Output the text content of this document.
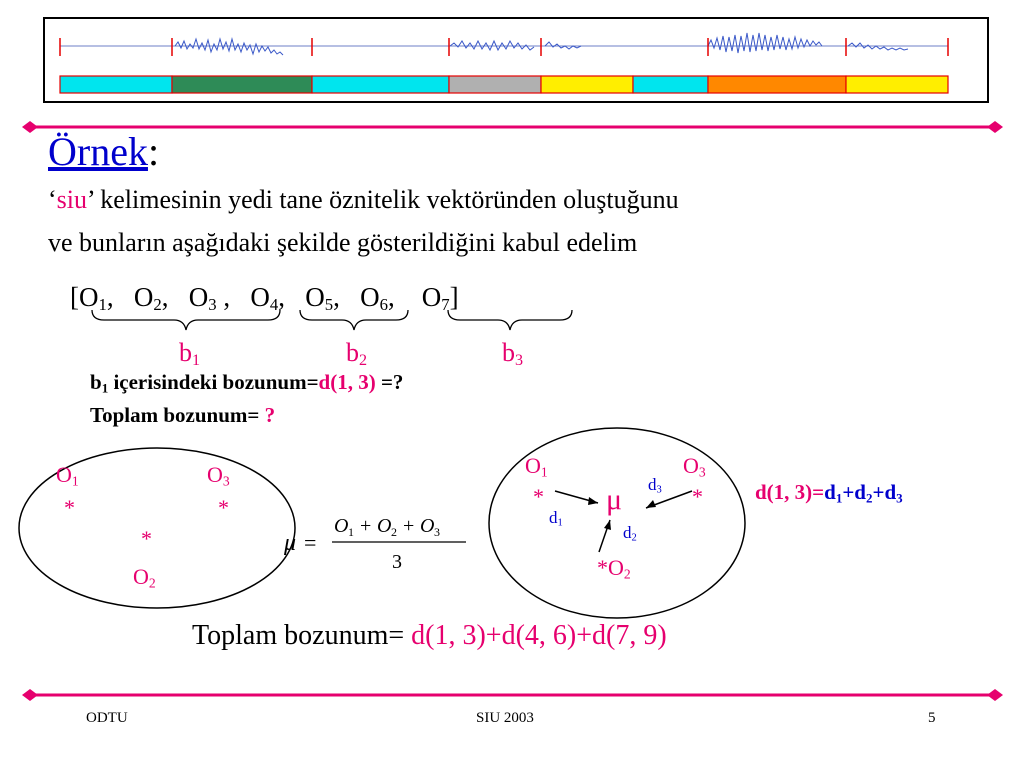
Örnek:
‘siu’ kelimesinin yedi tane öznitelik vektöründen oluştuğunu
ve bunların aşağıdaki şekilde gösterildiğini kabul edelim
[$O_1$,   $O_2$,   $O_3$ ,   $O_4$,   $O_5$,   $O_6$,    $O_7$]
$b_1$	$b_2$	$b_3$
$b_1$ içerisindeki bozunum=d(1, 3) =?
Toplam bozunum= ?
$O_1$
*
$O_3$
*
*
$O_2$
μ =
O 1 + O 2 + O 3
3
$O_1$
*
$O_3$
*
μ $d_3$
$d_1$	$d_2$
$*O_2$
d(1, $3)=d_1+d_2+d_3$
Toplam bozunum= d(1, 3)+d(4, 6)+d(7, 9)
ODTU	SIU 2003	5
